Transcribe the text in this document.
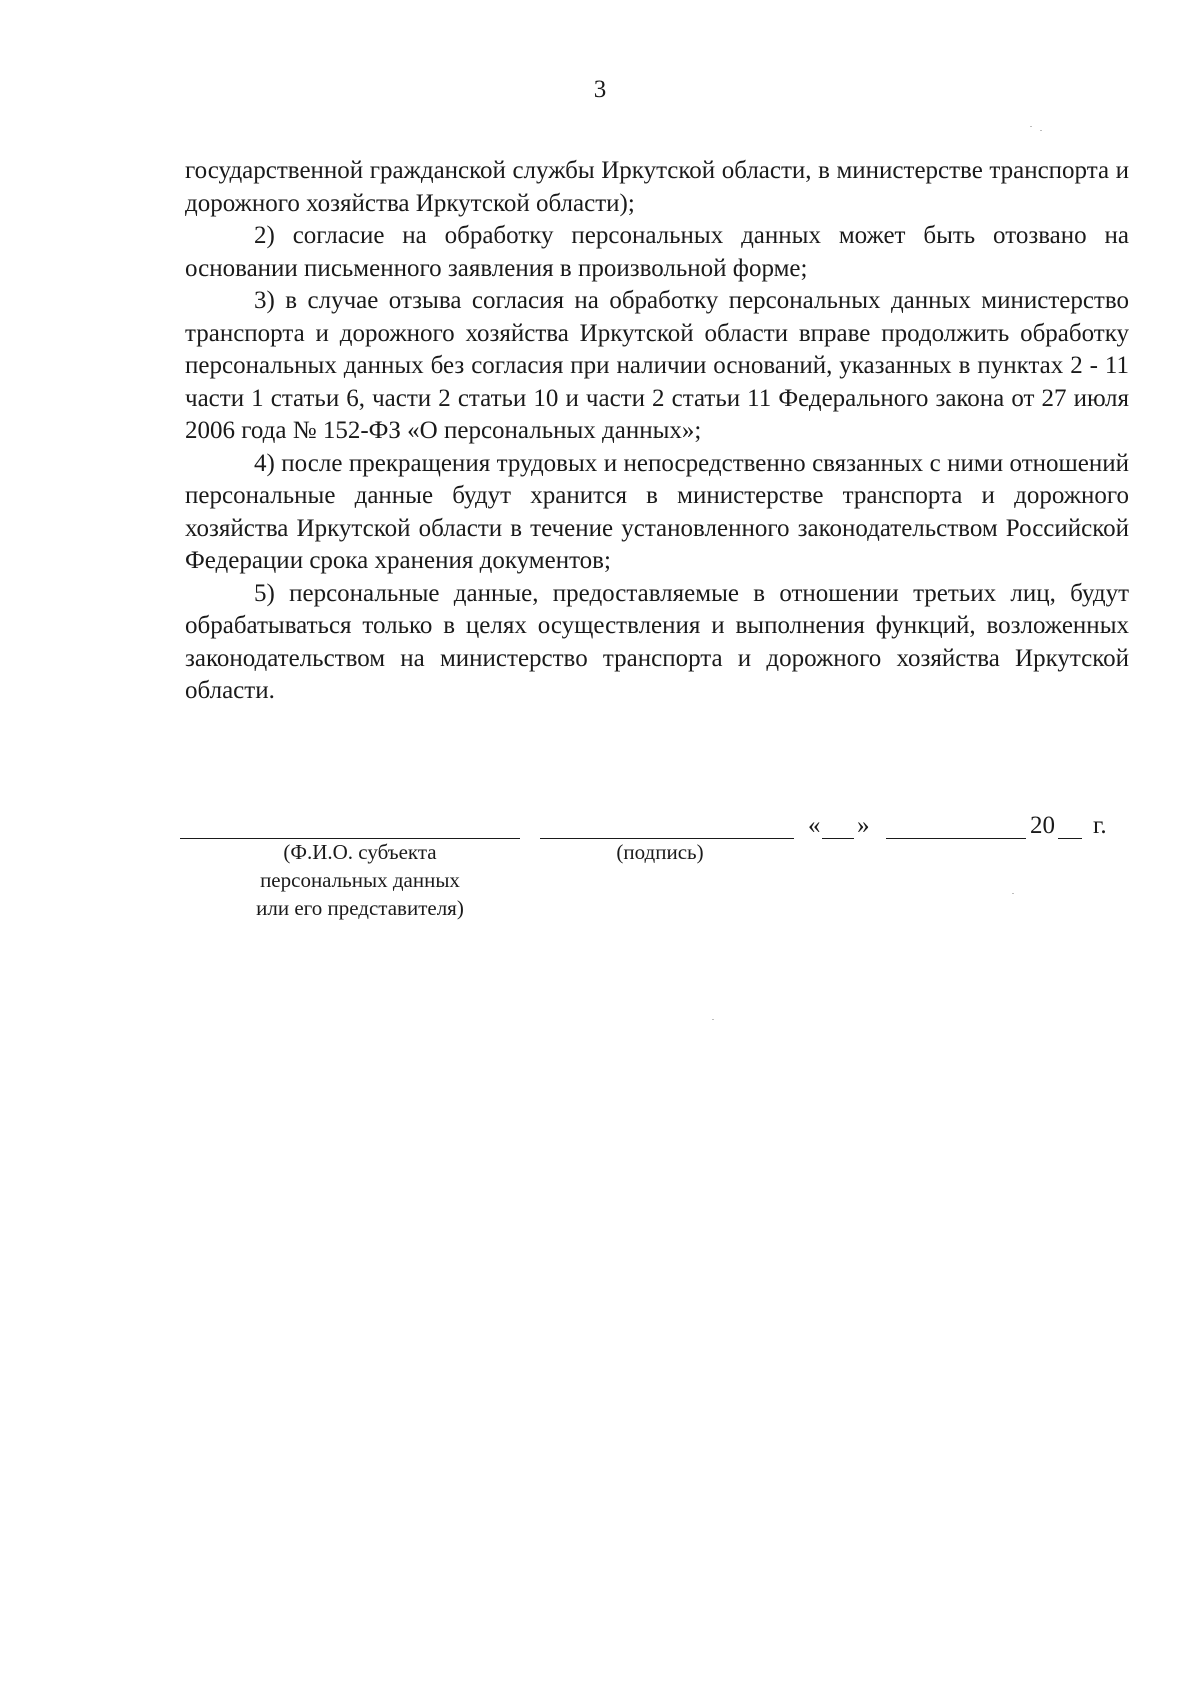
3

государственной гражданской службы Иркутской области, в министерстве транспорта и дорожного хозяйства Иркутской области);

2) согласие на обработку персональных данных может быть отозвано на основании письменного заявления в произвольной форме;

3) в случае отзыва согласия на обработку персональных данных министерство транспорта и дорожного хозяйства Иркутской области вправе продолжить обработку персональных данных без согласия при наличии оснований, указанных в пунктах 2 - 11 части 1 статьи 6, части 2 статьи 10 и части 2 статьи 11 Федерального закона от 27 июля 2006 года № 152-ФЗ «О персональных данных»;

4) после прекращения трудовых и непосредственно связанных с ними отношений персональные данные будут хранится в министерстве транспорта и дорожного хозяйства Иркутской области в течение установленного законодательством Российской Федерации срока хранения документов;

5) персональные данные, предоставляемые в отношении третьих лиц, будут обрабатываться только в целях осуществления и выполнения функций, возложенных законодательством на министерство транспорта и дорожного хозяйства Иркутской области.

« »	20 г.
(Ф.И.О. субъекта
персональных данных
или его представителя)
(подпись)
